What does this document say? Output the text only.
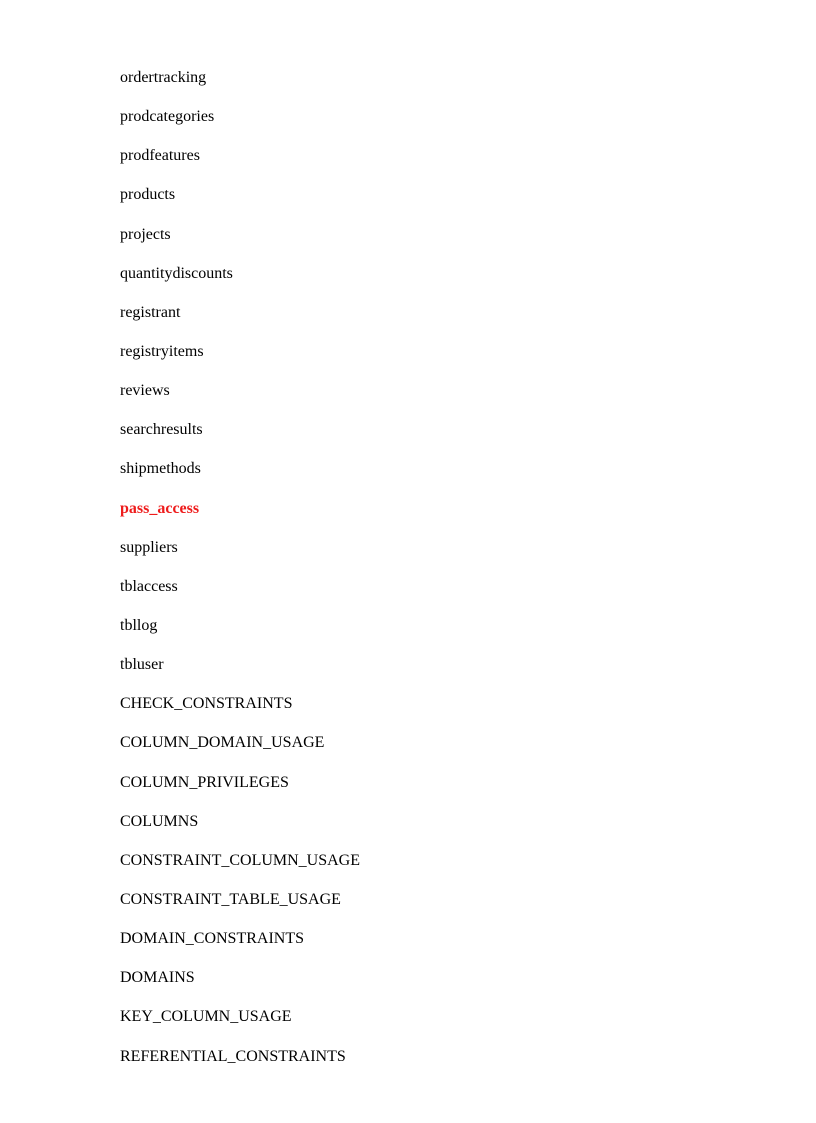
ordertracking
prodcategories
prodfeatures
products
projects
quantitydiscounts
registrant
registryitems
reviews
searchresults
shipmethods
pass_access
suppliers
tblaccess
tbllog
tbluser
CHECK_CONSTRAINTS
COLUMN_DOMAIN_USAGE
COLUMN_PRIVILEGES
COLUMNS
CONSTRAINT_COLUMN_USAGE
CONSTRAINT_TABLE_USAGE
DOMAIN_CONSTRAINTS
DOMAINS
KEY_COLUMN_USAGE
REFERENTIAL_CONSTRAINTS
